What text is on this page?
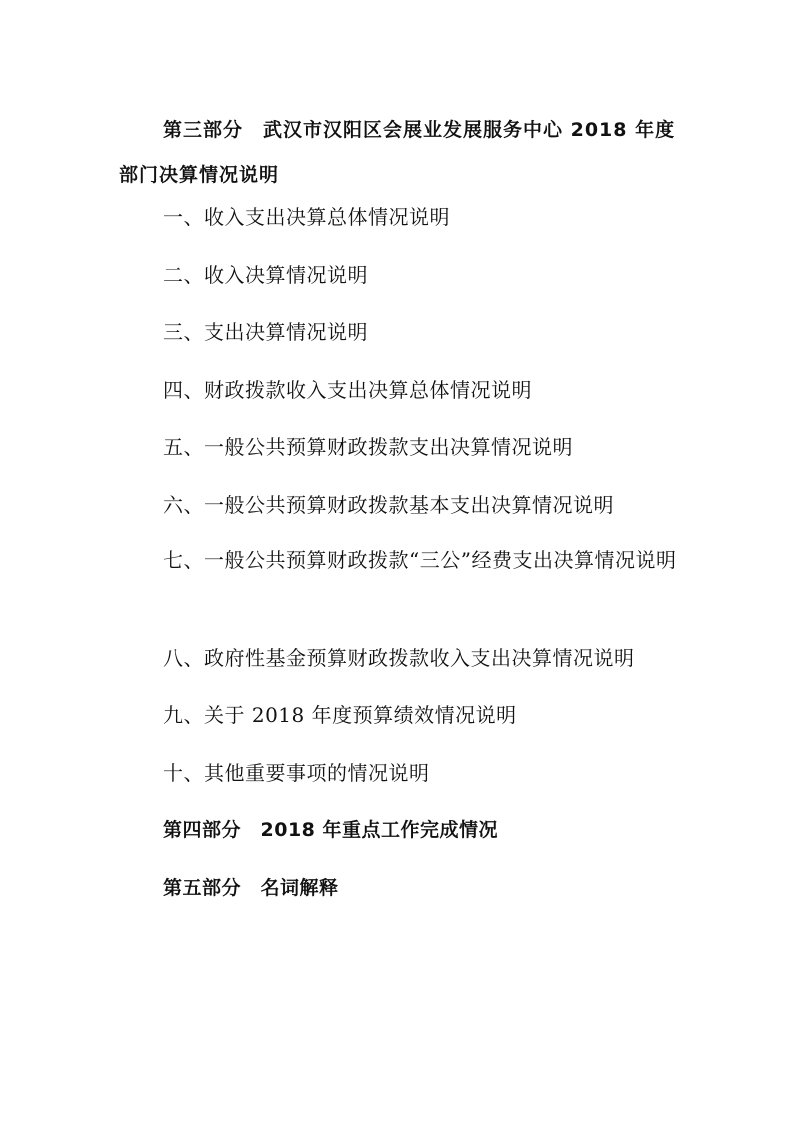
第三部分　武汉市汉阳区会展业发展服务中心 2018 年度部门决算情况说明
一、收入支出决算总体情况说明
二、收入决算情况说明
三、支出决算情况说明
四、财政拨款收入支出决算总体情况说明
五、一般公共预算财政拨款支出决算情况说明
六、一般公共预算财政拨款基本支出决算情况说明
七、一般公共预算财政拨款“三公”经费支出决算情况说明
八、政府性基金预算财政拨款收入支出决算情况说明
九、关于 2018 年度预算绩效情况说明
十、其他重要事项的情况说明
第四部分　2018 年重点工作完成情况
第五部分　名词解释
